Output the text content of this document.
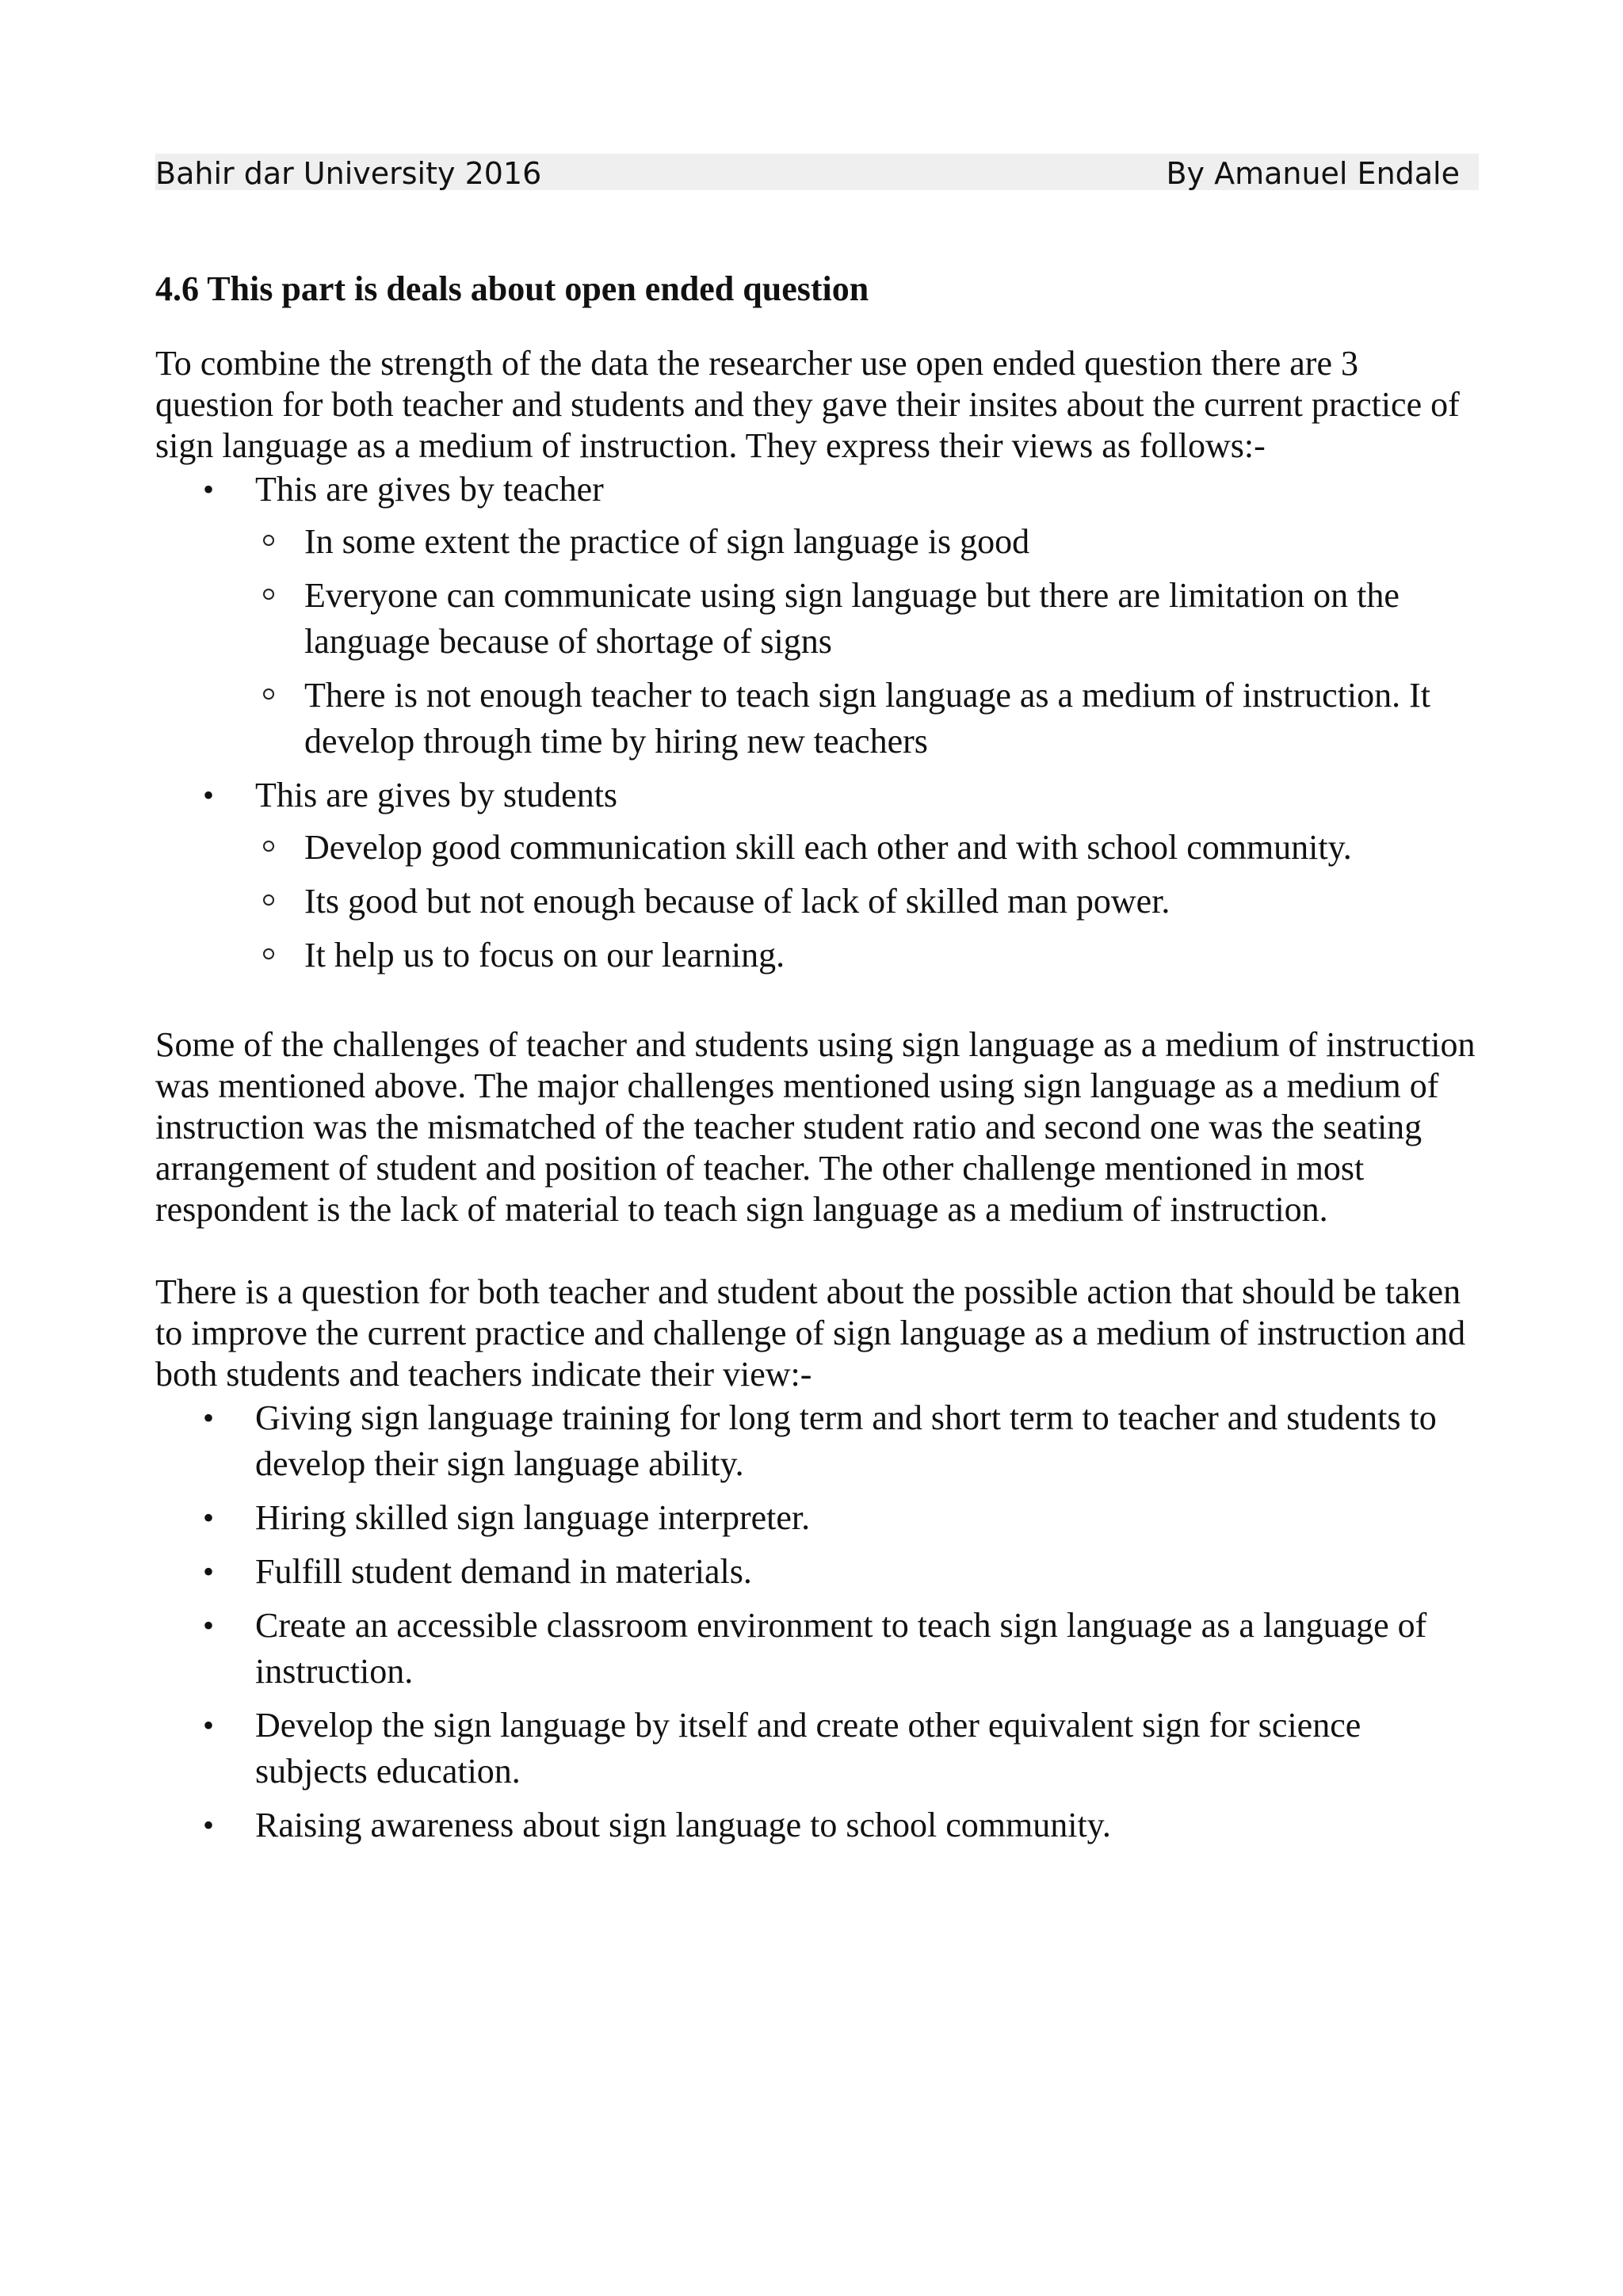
Bahir dar University 2016	By Amanuel Endale
4.6 This part is deals about open ended question

To combine the strength of the data the researcher use open ended question there are 3 question for both teacher and students and they gave their insites about the current practice of sign language as a medium of instruction. They express their views as follows:-

• This are gives by teacher
In some extent the practice of sign language is good
Everyone can communicate using sign language but there are limitation on the language because of shortage of signs
There is not enough teacher to teach sign language as a medium of instruction. It develop through time by hiring new teachers
• This are gives by students
Develop good communication skill each other and with school community.
Its good but not enough because of lack of skilled man power.
It help us to focus on our learning.

Some of the challenges of teacher and students using sign language as a medium of instruction was mentioned above. The major challenges mentioned using sign language as a medium of instruction was the mismatched of the teacher student ratio and second one was the seating arrangement of student and position of teacher. The other challenge mentioned in most respondent is the lack of material to teach sign language as a medium of instruction.

There is a question for both teacher and student about the possible action that should be taken to improve the current practice and challenge of sign language as a medium of instruction and both students and teachers indicate their view:-

• Giving sign language training for long term and short term to teacher and students to develop their sign language ability.
• Hiring skilled sign language interpreter.
• Fulfill student demand in materials.
• Create an accessible classroom environment to teach sign language as a language of instruction.
• Develop the sign language by itself and create other equivalent sign for science subjects education.
• Raising awareness about sign language to school community.
